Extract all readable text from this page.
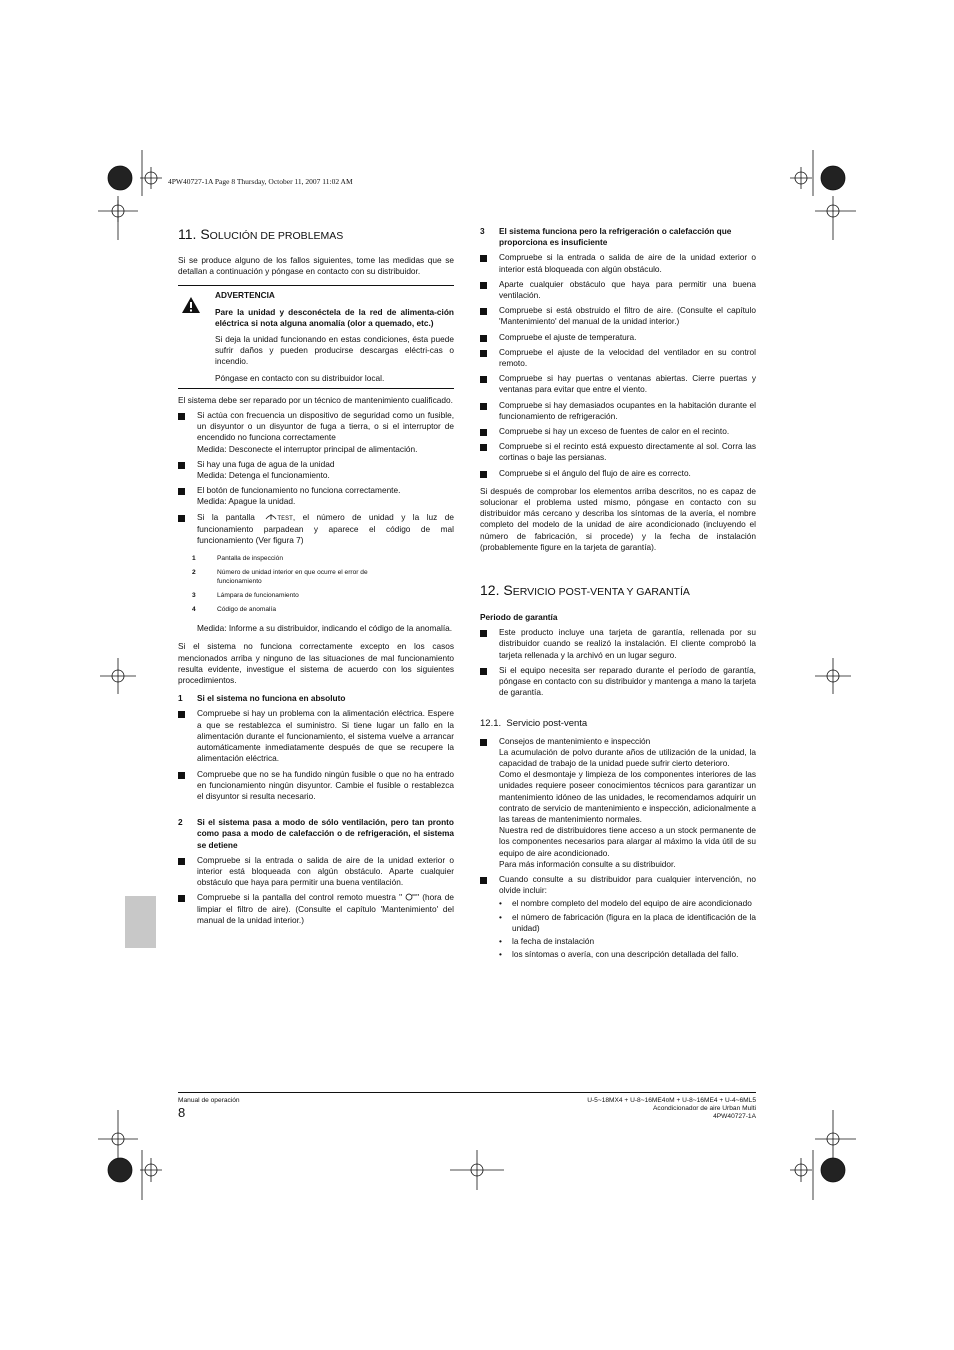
4PW40727-1A Page 8 Thursday, October 11, 2007 11:02 AM
11. SOLUCIÓN DE PROBLEMAS
Si se produce alguno de los fallos siguientes, tome las medidas que se detallan a continuación y póngase en contacto con su distribuidor.
ADVERTENCIA
Pare la unidad y desconéctela de la red de alimenta-ción eléctrica si nota alguna anomalía (olor a quemado, etc.)
Si deja la unidad funcionando en estas condiciones, ésta puede sufrir daños y pueden producirse descargas eléctri-cas o incendio.
Póngase en contacto con su distribuidor local.
El sistema debe ser reparado por un técnico de mantenimiento cualificado.
Si actúa con frecuencia un dispositivo de seguridad como un fusible, un disyuntor o un disyuntor de fuga a tierra, o si el interruptor de encendido no funciona correctamente
Medida: Desconecte el interruptor principal de alimentación.
Si hay una fuga de agua de la unidad
Medida: Detenga el funcionamiento.
El botón de funcionamiento no funciona correctamente.
Medida: Apague la unidad.
Si la pantalla	TEST, el número de unidad y la luz de funcionamiento parpadean y aparece el código de mal funcionamiento (Ver figura 7)
1	Pantalla de inspección
2	Número de unidad interior en que ocurre el error de funcionamiento
3	Lámpara de funcionamiento
4	Código de anomalía
Medida: Informe a su distribuidor, indicando el código de la anomalía.
Si el sistema no funciona correctamente excepto en los casos mencionados arriba y ninguno de las situaciones de mal funcionamiento resulta evidente, investigue el sistema de acuerdo con los siguientes procedimientos.
1 Si el sistema no funciona en absoluto
Compruebe si hay un problema con la alimentación eléctrica. Espere a que se restablezca el suministro. Si tiene lugar un fallo en la alimentación durante el funcionamiento, el sistema vuelve a arrancar automáticamente inmediatamente después de que se recupere la alimentación eléctrica.
Compruebe que no se ha fundido ningún fusible o que no ha entrado en funcionamiento ningún disyuntor. Cambie el fusible o restablezca el disyuntor si resulta necesario.
2 Si el sistema pasa a modo de sólo ventilación, pero tan pronto como pasa a modo de calefacción o de refrigeración, el sistema se detiene
Compruebe si la entrada o salida de aire de la unidad exterior o interior está bloqueada con algún obstáculo. Aparte cualquier obstáculo que haya para permitir una buena ventilación.
Compruebe si la pantalla del control remoto muestra " " (hora de limpiar el filtro de aire). (Consulte el capítulo 'Mantenimiento' del manual de la unidad interior.)
3 El sistema funciona pero la refrigeración o calefacción que proporciona es insuficiente
Compruebe si la entrada o salida de aire de la unidad exterior o interior está bloqueada con algún obstáculo.
Aparte cualquier obstáculo que haya para permitir una buena ventilación.
Compruebe si está obstruido el filtro de aire. (Consulte el capítulo 'Mantenimiento' del manual de la unidad interior.)
Compruebe el ajuste de temperatura.
Compruebe el ajuste de la velocidad del ventilador en su control remoto.
Compruebe si hay puertas o ventanas abiertas. Cierre puertas y ventanas para evitar que entre el viento.
Compruebe si hay demasiados ocupantes en la habitación durante el funcionamiento de refrigeración.
Compruebe si hay un exceso de fuentes de calor en el recinto.
Compruebe si el recinto está expuesto directamente al sol. Corra las cortinas o baje las persianas.
Compruebe si el ángulo del flujo de aire es correcto.
Si después de comprobar los elementos arriba descritos, no es capaz de solucionar el problema usted mismo, póngase en contacto con su distribuidor más cercano y describa los síntomas de la avería, el nombre completo del modelo de la unidad de aire acondicionado (incluyendo el número de fabricación, si procede) y la fecha de instalación (probablemente figure en la tarjeta de garantía).
12. SERVICIO POST-VENTA Y GARANTÍA
Periodo de garantía
Este producto incluye una tarjeta de garantía, rellenada por su distribuidor cuando se realizó la instalación. El cliente comprobó la tarjeta rellenada y la archivó en un lugar seguro.
Si el equipo necesita ser reparado durante el período de garantía, póngase en contacto con su distribuidor y mantenga a mano la tarjeta de garantía.
12.1. Servicio post-venta
Consejos de mantenimiento e inspección
La acumulación de polvo durante años de utilización de la unidad, la capacidad de trabajo de la unidad puede sufrir cierto deterioro.
Como el desmontaje y limpieza de los componentes interiores de las unidades requiere poseer conocimientos técnicos para garantizar un mantenimiento idóneo de las unidades, le recomendamos adquirir un contrato de servicio de mantenimiento e inspección, adicionalmente a las tareas de mantenimiento normales.
Nuestra red de distribuidores tiene acceso a un stock permanente de los componentes necesarios para alargar al máximo la vida útil de su equipo de aire acondicionado.
Para más información consulte a su distribuidor.
Cuando consulte a su distribuidor para cualquier intervención, no olvide incluir:
• el nombre completo del modelo del equipo de aire acondicionado
• el número de fabricación (figura en la placa de identificación de la unidad)
• la fecha de instalación
• los síntomas o avería, con una descripción detallada del fallo.
Manual de operación
8
U-5~18MX4 + U-8~16ME4¤M + U-8~16ME4 + U-4~6ML5
Acondicionador de aire Urban Multi
4PW40727-1A
